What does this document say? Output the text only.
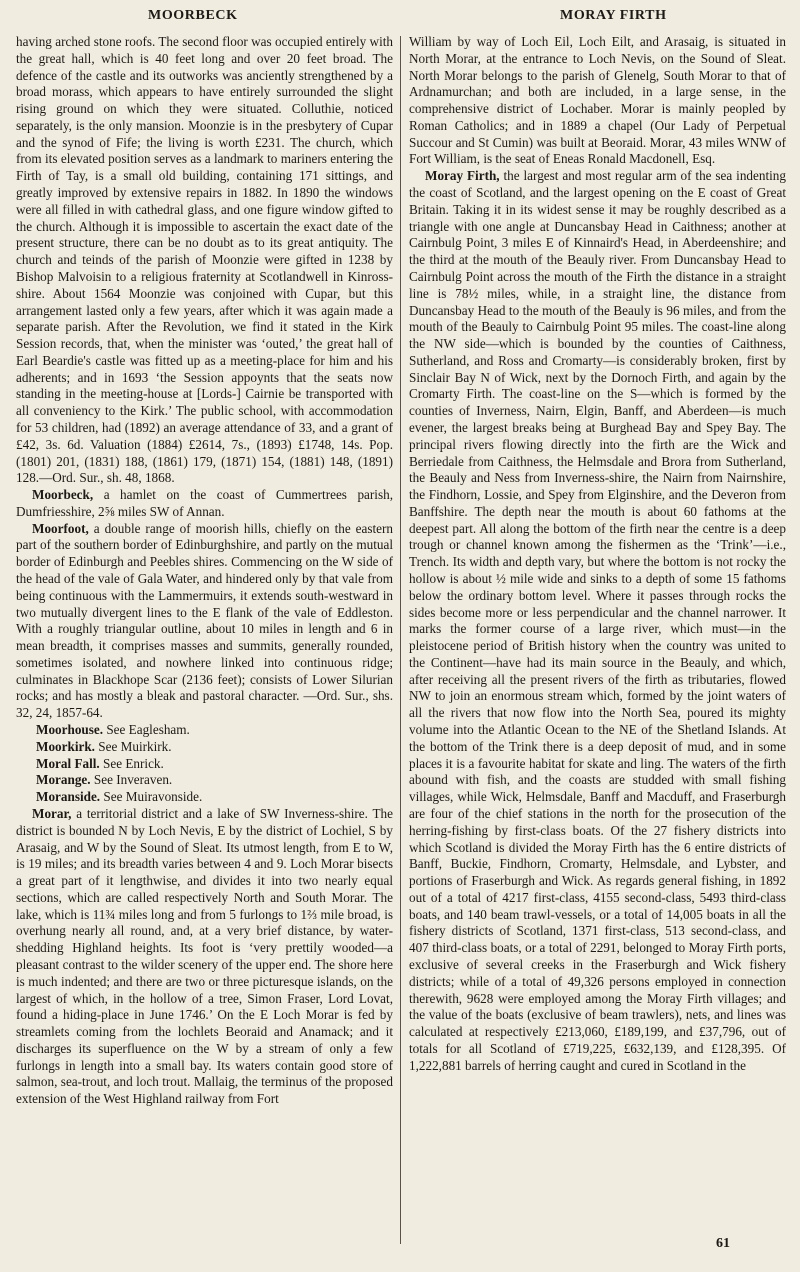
MOORBECK	MORAY FIRTH

having arched stone roofs. The second floor was occupied entirely with the great hall, which is 40 feet long and over 20 feet broad. The defence of the castle and its outworks was anciently strengthened by a broad morass, which appears to have entirely surrounded the slight rising ground on which they were situated. Colluthie, noticed separately, is the only mansion. Moonzie is in the presbytery of Cupar and the synod of Fife; the living is worth £231. The church, which from its elevated position serves as a landmark to mariners entering the Firth of Tay, is a small old building, containing 171 sittings, and greatly improved by extensive repairs in 1882. In 1890 the windows were all filled in with cathedral glass, and one figure window gifted to the church. Although it is impossible to ascertain the exact date of the present structure, there can be no doubt as to its great antiquity. The church and teinds of the parish of Moonzie were gifted in 1238 by Bishop Malvoisin to a religious fraternity at Scotlandwell in Kinross-shire. About 1564 Moonzie was conjoined with Cupar, but this arrangement lasted only a few years, after which it was again made a separate parish. After the Revolution, we find it stated in the Kirk Session records, that, when the minister was ‘outed,’ the great hall of Earl Beardie's castle was fitted up as a meeting-place for him and his adherents; and in 1693 ‘the Session appoynts that the seats now standing in the meeting-house at [Lords-] Cairnie be transported with all conveniency to the Kirk.’ The public school, with accommodation for 53 children, had (1892) an average attendance of 33, and a grant of £42, 3s. 6d. Valuation (1884) £2614, 7s., (1893) £1748, 14s. Pop. (1801) 201, (1831) 188, (1861) 179, (1871) 154, (1881) 148, (1891) 128.—Ord. Sur., sh. 48, 1868.

Moorbeck, a hamlet on the coast of Cummertrees parish, Dumfriesshire, 2⅝ miles SW of Annan.

Moorfoot, a double range of moorish hills, chiefly on the eastern part of the southern border of Edinburghshire, and partly on the mutual border of Edinburgh and Peebles shires. Commencing on the W side of the head of the vale of Gala Water, and hindered only by that vale from being continuous with the Lammermuirs, it extends south-westward in two mutually divergent lines to the E flank of the vale of Eddleston. With a roughly triangular outline, about 10 miles in length and 6 in mean breadth, it comprises masses and summits, generally rounded, sometimes isolated, and nowhere linked into continuous ridge; culminates in Blackhope Scar (2136 feet); consists of Lower Silurian rocks; and has mostly a bleak and pastoral character. —Ord. Sur., shs. 32, 24, 1857-64.

Moorhouse. See Eaglesham.

Moorkirk. See Muirkirk.

Moral Fall. See Enrick.

Morange. See Inveraven.

Moranside. See Muiravonside.

Morar, a territorial district and a lake of SW Inverness-shire. The district is bounded N by Loch Nevis, E by the district of Lochiel, S by Arasaig, and W by the Sound of Sleat. Its utmost length, from E to W, is 19 miles; and its breadth varies between 4 and 9. Loch Morar bisects a great part of it lengthwise, and divides it into two nearly equal sections, which are called respectively North and South Morar. The lake, which is 11¾ miles long and from 5 furlongs to 1⅔ mile broad, is overhung nearly all round, and, at a very brief distance, by water-shedding Highland heights. Its foot is ‘very prettily wooded—a pleasant contrast to the wilder scenery of the upper end. The shore here is much indented; and there are two or three picturesque islands, on the largest of which, in the hollow of a tree, Simon Fraser, Lord Lovat, found a hiding-place in June 1746.’ On the E Loch Morar is fed by streamlets coming from the lochlets Beoraid and Anamack; and it discharges its superfluence on the W by a stream of only a few furlongs in length into a small bay. Its waters contain good store of salmon, sea-trout, and loch trout. Mallaig, the terminus of the proposed extension of the West Highland railway from Fort

William by way of Loch Eil, Loch Eilt, and Arasaig, is situated in North Morar, at the entrance to Loch Nevis, on the Sound of Sleat. North Morar belongs to the parish of Glenelg, South Morar to that of Ardnamurchan; and both are included, in a large sense, in the comprehensive district of Lochaber. Morar is mainly peopled by Roman Catholics; and in 1889 a chapel (Our Lady of Perpetual Succour and St Cumin) was built at Beoraid. Morar, 43 miles WNW of Fort William, is the seat of Eneas Ronald Macdonell, Esq.

Moray Firth, the largest and most regular arm of the sea indenting the coast of Scotland, and the largest opening on the E coast of Great Britain. Taking it in its widest sense it may be roughly described as a triangle with one angle at Duncansbay Head in Caithness; another at Cairnbulg Point, 3 miles E of Kinnaird's Head, in Aberdeenshire; and the third at the mouth of the Beauly river. From Duncansbay Head to Cairnbulg Point across the mouth of the Firth the distance in a straight line is 78½ miles, while, in a straight line, the distance from Duncansbay Head to the mouth of the Beauly is 96 miles, and from the mouth of the Beauly to Cairnbulg Point 95 miles. The coast-line along the NW side—which is bounded by the counties of Caithness, Sutherland, and Ross and Cromarty—is considerably broken, first by Sinclair Bay N of Wick, next by the Dornoch Firth, and again by the Cromarty Firth. The coast-line on the S—which is formed by the counties of Inverness, Nairn, Elgin, Banff, and Aberdeen—is much evener, the largest breaks being at Burghead Bay and Spey Bay. The principal rivers flowing directly into the firth are the Wick and Berriedale from Caithness, the Helmsdale and Brora from Sutherland, the Beauly and Ness from Inverness-shire, the Nairn from Nairnshire, the Findhorn, Lossie, and Spey from Elginshire, and the Deveron from Banffshire. The depth near the mouth is about 60 fathoms at the deepest part. All along the bottom of the firth near the centre is a deep trough or channel known among the fishermen as the ‘Trink’—i.e., Trench. Its width and depth vary, but where the bottom is not rocky the hollow is about ½ mile wide and sinks to a depth of some 15 fathoms below the ordinary bottom level. Where it passes through rocks the sides become more or less perpendicular and the channel narrower. It marks the former course of a large river, which must—in the pleistocene period of British history when the country was united to the Continent—have had its main source in the Beauly, and which, after receiving all the present rivers of the firth as tributaries, flowed NW to join an enormous stream which, formed by the joint waters of all the rivers that now flow into the North Sea, poured its mighty volume into the Atlantic Ocean to the NE of the Shetland Islands. At the bottom of the Trink there is a deep deposit of mud, and in some places it is a favourite habitat for skate and ling. The waters of the firth abound with fish, and the coasts are studded with small fishing villages, while Wick, Helmsdale, Banff and Macduff, and Fraserburgh are four of the chief stations in the north for the prosecution of the herring-fishing by first-class boats. Of the 27 fishery districts into which Scotland is divided the Moray Firth has the 6 entire districts of Banff, Buckie, Findhorn, Cromarty, Helmsdale, and Lybster, and portions of Fraserburgh and Wick. As regards general fishing, in 1892 out of a total of 4217 first-class, 4155 second-class, 5493 third-class boats, and 140 beam trawl-vessels, or a total of 14,005 boats in all the fishery districts of Scotland, 1371 first-class, 513 second-class, and 407 third-class boats, or a total of 2291, belonged to Moray Firth ports, exclusive of several creeks in the Fraserburgh and Wick fishery districts; while of a total of 49,326 persons employed in connection therewith, 9628 were employed among the Moray Firth villages; and the value of the boats (exclusive of beam trawlers), nets, and lines was calculated at respectively £213,060, £189,199, and £37,796, out of totals for all Scotland of £719,225, £632,139, and £128,395. Of 1,222,881 barrels of herring caught and cured in Scotland in the

61
